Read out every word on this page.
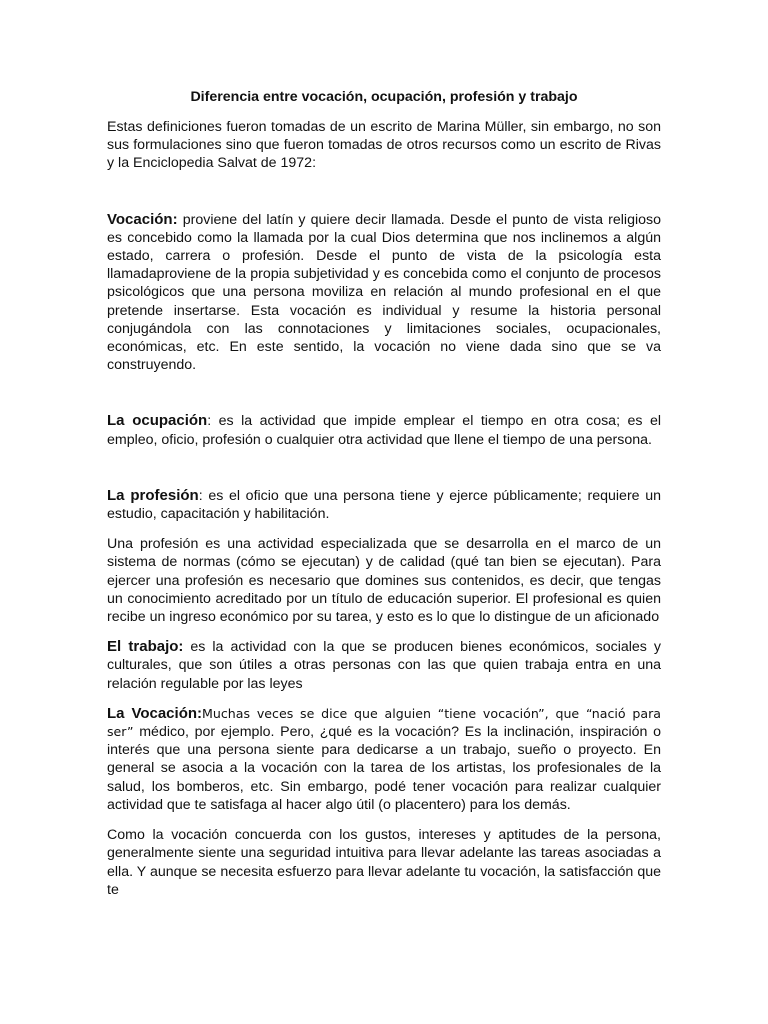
Diferencia entre vocación, ocupación, profesión y trabajo

Estas definiciones fueron tomadas de un escrito de Marina Müller, sin embargo, no son sus formulaciones sino que fueron tomadas de otros recursos como un escrito de Rivas y la Enciclopedia Salvat de 1972:

Vocación: proviene del latín y quiere decir llamada. Desde el punto de vista religioso es concebido como la llamada por la cual Dios determina que nos inclinemos a algún estado, carrera o profesión. Desde el punto de vista de la psicología esta llamadaproviene de la propia subjetividad y es concebida como el conjunto de procesos psicológicos que una persona moviliza en relación al mundo profesional en el que pretende insertarse. Esta vocación es individual y resume la historia personal conjugándola con las connotaciones y limitaciones sociales, ocupacionales, económicas, etc. En este sentido, la vocación no viene dada sino que se va construyendo.

La ocupación: es la actividad que impide emplear el tiempo en otra cosa; es el empleo, oficio, profesión o cualquier otra actividad que llene el tiempo de una persona.

La profesión: es el oficio que una persona tiene y ejerce públicamente; requiere un estudio, capacitación y habilitación.

Una profesión es una actividad especializada que se desarrolla en el marco de un sistema de normas (cómo se ejecutan) y de calidad (qué tan bien se ejecutan). Para ejercer una profesión es necesario que domines sus contenidos, es decir, que tengas un conocimiento acreditado por un título de educación superior. El profesional es quien recibe un ingreso económico por su tarea, y esto es lo que lo distingue de un aficionado

El trabajo: es la actividad con la que se producen bienes económicos, sociales y culturales, que son útiles a otras personas con las que quien trabaja entra en una relación regulable por las leyes

La Vocación:Muchas veces se dice que alguien “tiene vocación”, que “nació para ser” médico, por ejemplo. Pero, ¿qué es la vocación? Es la inclinación, inspiración o interés que una persona siente para dedicarse a un trabajo, sueño o proyecto. En general se asocia a la vocación con la tarea de los artistas, los profesionales de la salud, los bomberos, etc. Sin embargo, podé tener vocación para realizar cualquier actividad que te satisfaga al hacer algo útil (o placentero) para los demás.

Como la vocación concuerda con los gustos, intereses y aptitudes de la persona, generalmente siente una seguridad intuitiva para llevar adelante las tareas asociadas a ella. Y aunque se necesita esfuerzo para llevar adelante tu vocación, la satisfacción que te
